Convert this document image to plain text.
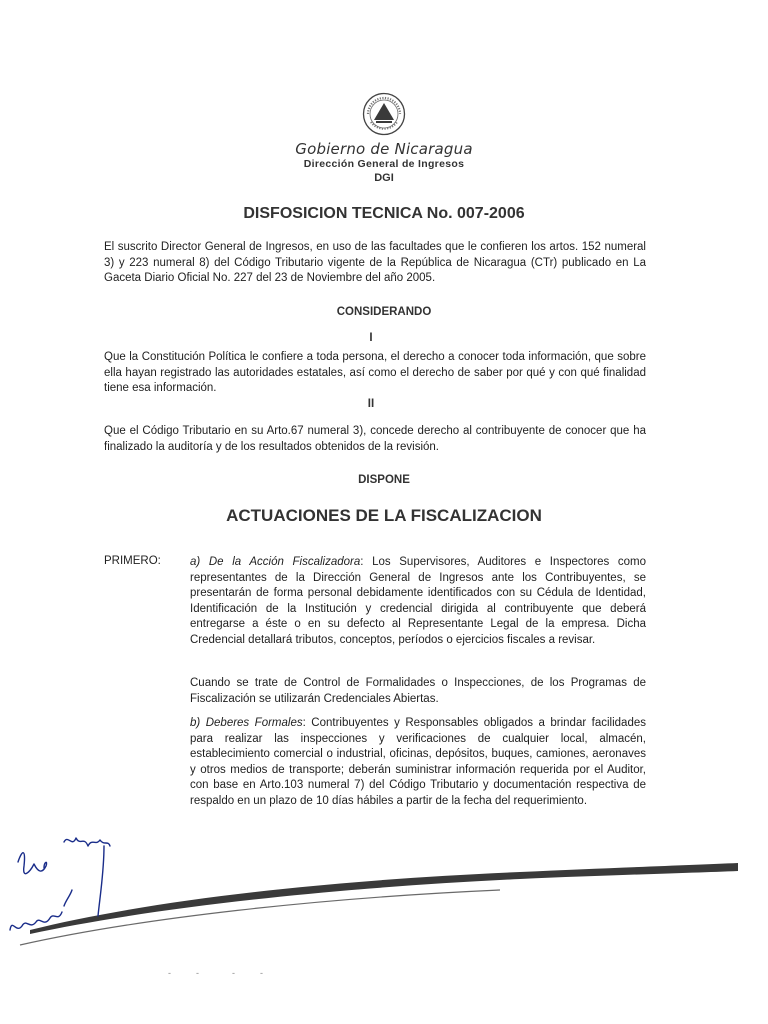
Gobierno de Nicaragua
Dirección General de Ingresos
DGI
DISFOSICION TECNICA No. 007-2006

El suscrito Director General de Ingresos, en uso de las facultades que le confieren los artos. 152 numeral 3) y 223 numeral 8) del Código Tributario vigente de la República de Nicaragua (CTr) publicado en La Gaceta Diario Oficial No. 227 del 23 de Noviembre del año 2005.

CONSIDERANDO
I

Que la Constitución Política le confiere a toda persona, el derecho a conocer toda información, que sobre ella hayan registrado las autoridades estatales, así como el derecho de saber por qué y con qué finalidad tiene esa información.

II

Que el Código Tributario en su Arto.67 numeral 3), concede derecho al contribuyente de conocer que ha finalizado la auditoría y de los resultados obtenidos de la revisión.

DISPONE
ACTUACIONES DE LA FISCALIZACION
PRIMERO:	a) De la Acción Fiscalizadora: Los Supervisores, Auditores e Inspectores como representantes de la Dirección General de Ingresos ante los Contribuyentes, se presentarán de forma personal debidamente identificados con su Cédula de Identidad, Identificación de la Institución y credencial dirigida al contribuyente que deberá entregarse a éste o en su defecto al Representante Legal de la empresa. Dicha Credencial detallará tributos, conceptos, períodos o ejercicios fiscales a revisar.

Cuando se trate de Control de Formalidades o Inspecciones, de los Programas de Fiscalización se utilizarán Credenciales Abiertas.

b) Deberes Formales: Contribuyentes y Responsables obligados a brindar facilidades para realizar las inspecciones y verificaciones de cualquier local, almacén, establecimiento comercial o industrial, oficinas, depósitos, buques, camiones, aeronaves y otros medios de transporte; deberán suministrar información requerida por el Auditor, con base en Arto.103 numeral 7) del Código Tributario y documentación respectiva de respaldo en un plazo de 10 días hábiles a partir de la fecha del requerimiento.

-	-	-	-
